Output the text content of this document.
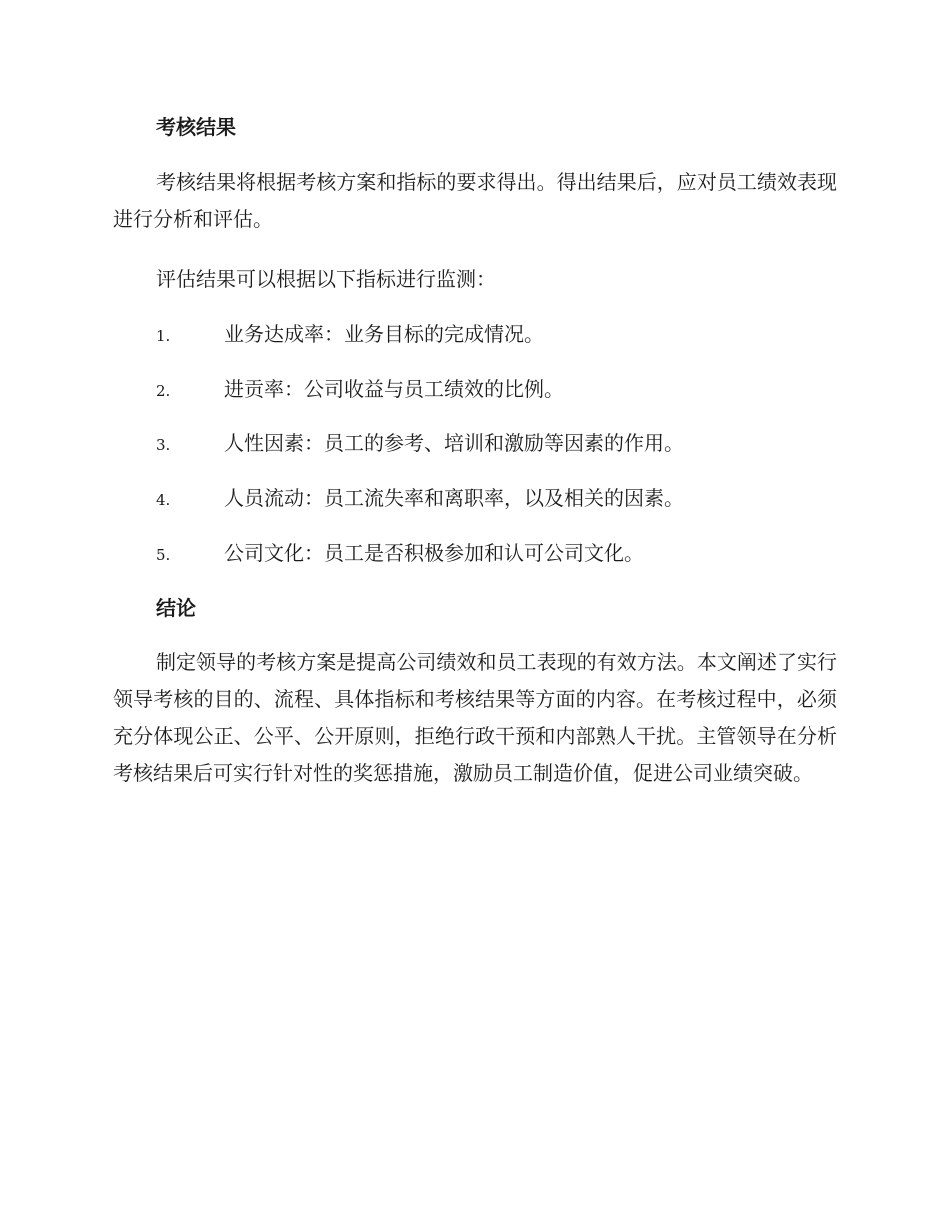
考核结果

考核结果将根据考核方案和指标的要求得出。得出结果后，应对员工绩效表现进行分析和评估。

评估结果可以根据以下指标进行监测：
1.	业务达成率：业务目标的完成情况。
2.	进贡率：公司收益与员工绩效的比例。
3.	人性因素：员工的参考、培训和激励等因素的作用。
4.	人员流动：员工流失率和离职率，以及相关的因素。
5.	公司文化：员工是否积极参加和认可公司文化。
结论

制定领导的考核方案是提高公司绩效和员工表现的有效方法。本文阐述了实行领导考核的目的、流程、具体指标和考核结果等方面的内容。在考核过程中，必须充分体现公正、公平、公开原则，拒绝行政干预和内部熟人干扰。主管领导在分析考核结果后可实行针对性的奖惩措施，激励员工制造价值，促进公司业绩突破。
